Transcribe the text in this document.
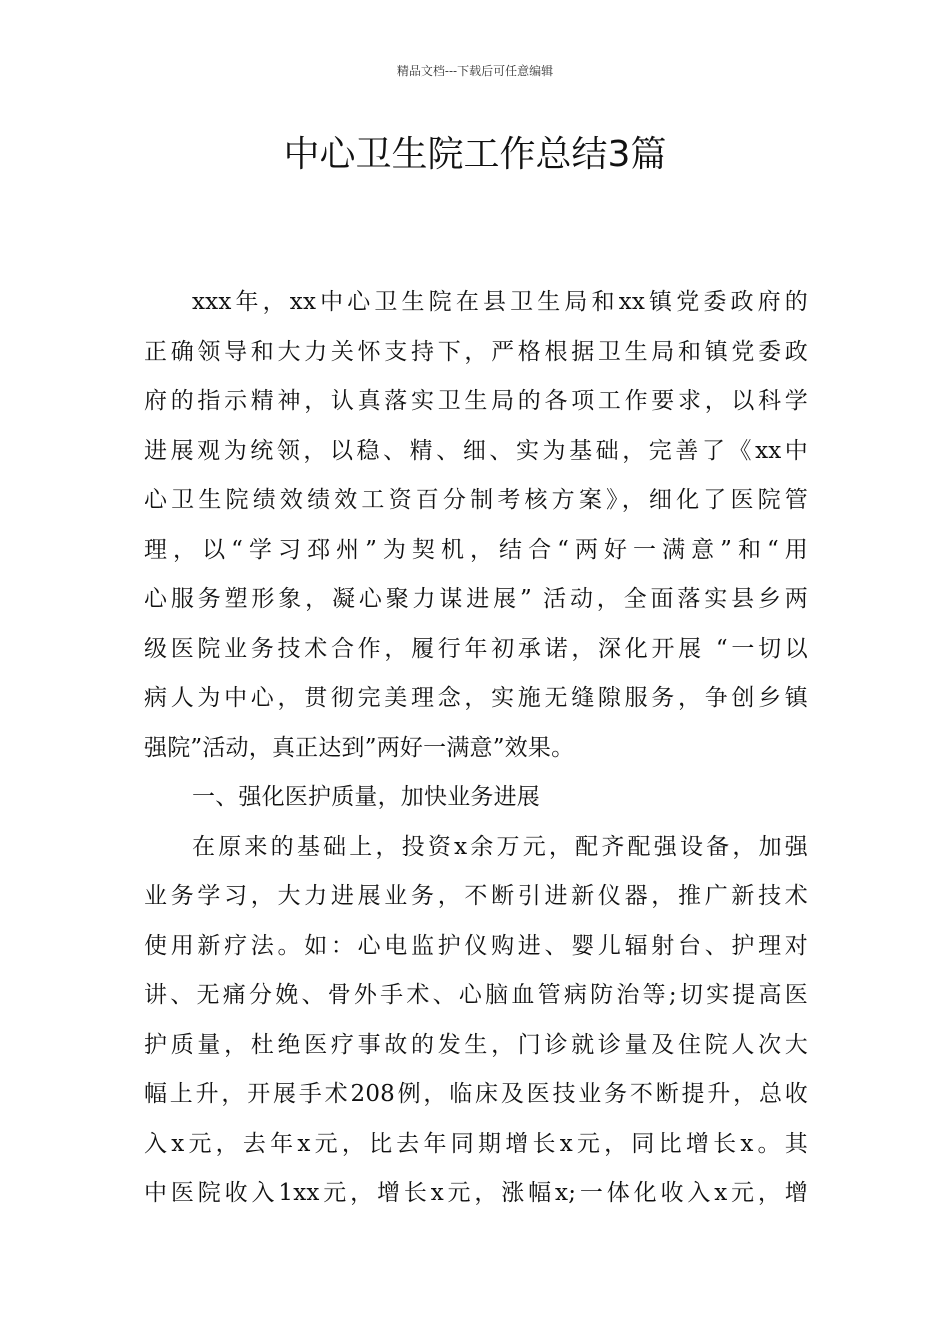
精品文档---下载后可任意编辑
中心卫生院工作总结3篇
xxx年，xx中心卫生院在县卫生局和xx镇党委政府的
正确领导和大力关怀支持下，严格根据卫生局和镇党委政
府的指示精神，认真落实卫生局的各项工作要求，以科学
进展观为统领，以稳、精、细、实为基础，完善了《xx中
心卫生院绩效绩效工资百分制考核方案》，细化了医院管
理，以“学习邳州”为契机，结合“两好一满意”和“用
心服务塑形象，凝心聚力谋进展” 活动，全面落实县乡两
级医院业务技术合作，履行年初承诺，深化开展 “一切以
病人为中心，贯彻完美理念，实施无缝隙服务，争创乡镇
强院”活动，真正达到”两好一满意”效果。
一、强化医护质量，加快业务进展
在原来的基础上，投资x余万元，配齐配强设备，加强
业务学习，大力进展业务，不断引进新仪器，推广新技术
使用新疗法。如：心电监护仪购进、婴儿辐射台、护理对
讲、无痛分娩、骨外手术、心脑血管病防治等;切实提高医
护质量，杜绝医疗事故的发生，门诊就诊量及住院人次大
幅上升，开展手术208例，临床及医技业务不断提升，总收
入x元，去年x元，比去年同期增长x元，同比增长x。其
中医院收入1xx元，增长x元，涨幅x;一体化收入x元，增
